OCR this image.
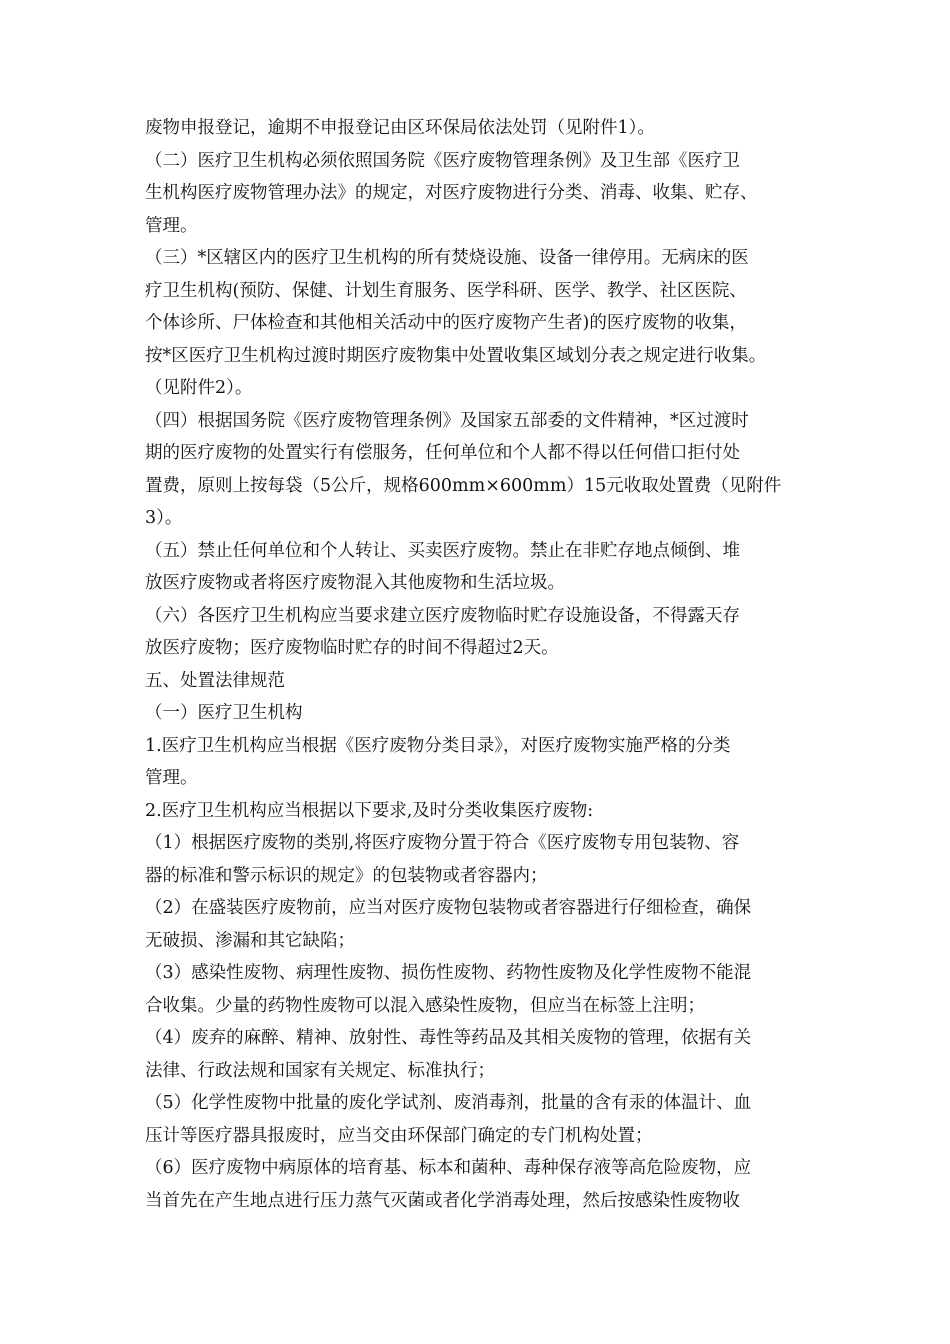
废物申报登记，逾期不申报登记由区环保局依法处罚（见附件1）。
（二）医疗卫生机构必须依照国务院《医疗废物管理条例》及卫生部《医疗卫
生机构医疗废物管理办法》的规定，对医疗废物进行分类、消毒、收集、贮存、
管理。
（三）*区辖区内的医疗卫生机构的所有焚烧设施、设备一律停用。无病床的医
疗卫生机构(预防、保健、计划生育服务、医学科研、医学、教学、社区医院、
个体诊所、尸体检查和其他相关活动中的医疗废物产生者)的医疗废物的收集，
按*区医疗卫生机构过渡时期医疗废物集中处置收集区域划分表之规定进行收集。
（见附件2）。
（四）根据国务院《医疗废物管理条例》及国家五部委的文件精神，*区过渡时
期的医疗废物的处置实行有偿服务，任何单位和个人都不得以任何借口拒付处
置费，原则上按每袋（5公斤，规格600mm×600mm）15元收取处置费（见附件
3）。
（五）禁止任何单位和个人转让、买卖医疗废物。禁止在非贮存地点倾倒、堆
放医疗废物或者将医疗废物混入其他废物和生活垃圾。
（六）各医疗卫生机构应当要求建立医疗废物临时贮存设施设备，不得露天存
放医疗废物；医疗废物临时贮存的时间不得超过2天。
五、处置法律规范
（一）医疗卫生机构
1.医疗卫生机构应当根据《医疗废物分类目录》，对医疗废物实施严格的分类
管理。
2.医疗卫生机构应当根据以下要求,及时分类收集医疗废物:
（1）根据医疗废物的类别,将医疗废物分置于符合《医疗废物专用包装物、容
器的标准和警示标识的规定》的包装物或者容器内；
（2）在盛装医疗废物前，应当对医疗废物包装物或者容器进行仔细检查，确保
无破损、渗漏和其它缺陷；
（3）感染性废物、病理性废物、损伤性废物、药物性废物及化学性废物不能混
合收集。少量的药物性废物可以混入感染性废物，但应当在标签上注明；
（4）废弃的麻醉、精神、放射性、毒性等药品及其相关废物的管理，依据有关
法律、行政法规和国家有关规定、标准执行；
（5）化学性废物中批量的废化学试剂、废消毒剂，批量的含有汞的体温计、血
压计等医疗器具报废时，应当交由环保部门确定的专门机构处置；
（6）医疗废物中病原体的培育基、标本和菌种、毒种保存液等高危险废物，应
当首先在产生地点进行压力蒸气灭菌或者化学消毒处理，然后按感染性废物收
